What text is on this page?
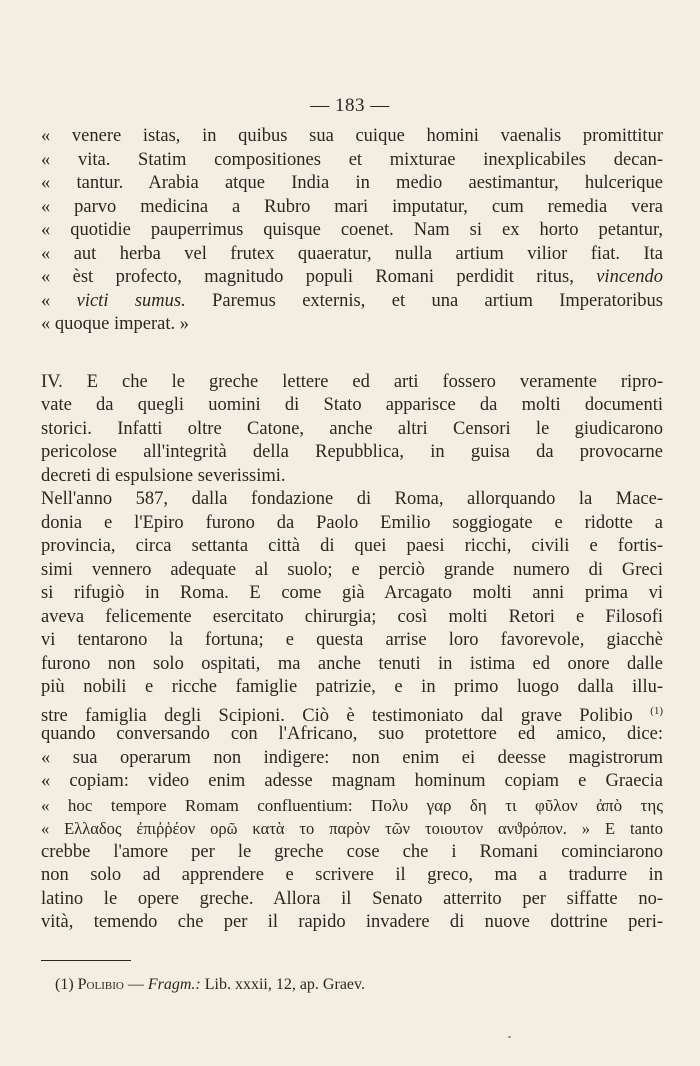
— 183 —
« venere istas, in quibus sua cuique homini vaenalis promittitur
« vita. Statim compositiones et mixturae inexplicabiles decan-
« tantur. Arabia atque India in medio aestimantur, hulcerique
« parvo medicina a Rubro mari imputatur, cum remedia vera
« quotidie pauperrimus quisque coenet. Nam si ex horto petantur,
« aut herba vel frutex quaeratur, nulla artium vilior fiat. Ita
« èst profecto, magnitudo populi Romani perdidit ritus, vincendo
« victi sumus. Paremus externis, et una artium Imperatoribus
« quoque imperat. »
IV. E che le greche lettere ed arti fossero veramente ripro-
vate da quegli uomini di Stato apparisce da molti documenti
storici. Infatti oltre Catone, anche altri Censori le giudicarono
pericolose all'integrità della Repubblica, in guisa da provocarne
decreti di espulsione severissimi.
Nell'anno 587, dalla fondazione di Roma, allorquando la Mace-
donia e l'Epiro furono da Paolo Emilio soggiogate e ridotte a
provincia, circa settanta città di quei paesi ricchi, civili e fortis-
simi vennero adequate al suolo; e perciò grande numero di Greci
si rifugiò in Roma. E come già Arcagato molti anni prima vi
aveva felicemente esercitato chirurgia; così molti Retori e Filosofi
vi tentarono la fortuna; e questa arrise loro favorevole, giacchè
furono non solo ospitati, ma anche tenuti in istima ed onore dalle
più nobili e ricche famiglie patrizie, e in primo luogo dalla illu-
stre famiglia degli Scipioni. Ciò è testimoniato dal grave Polibio $^{(1)}$
quando conversando con l'Africano, suo protettore ed amico, dice:
« sua operarum non indigere: non enim ei deesse magistrorum
« copiam: video enim adesse magnam hominum copiam e Graecia
« hoc tempore Romam confluentium: Πολυ γαρ δη τι φῦλον ἀπὸ της
« Ελλαδος ἐπιῤῥέον ορῶ κατὰ το παρὸν τῶν τοιουτον ανϑρόπον. » E tanto
crebbe l'amore per le greche cose che i Romani cominciarono
non solo ad apprendere e scrivere il greco, ma a tradurre in
latino le opere greche. Allora il Senato atterrito per siffatte no-
vità, temendo che per il rapido invadere di nuove dottrine peri-
(1) Polibio — Fragm.: Lib. xxxii, 12, ap. Graev.
